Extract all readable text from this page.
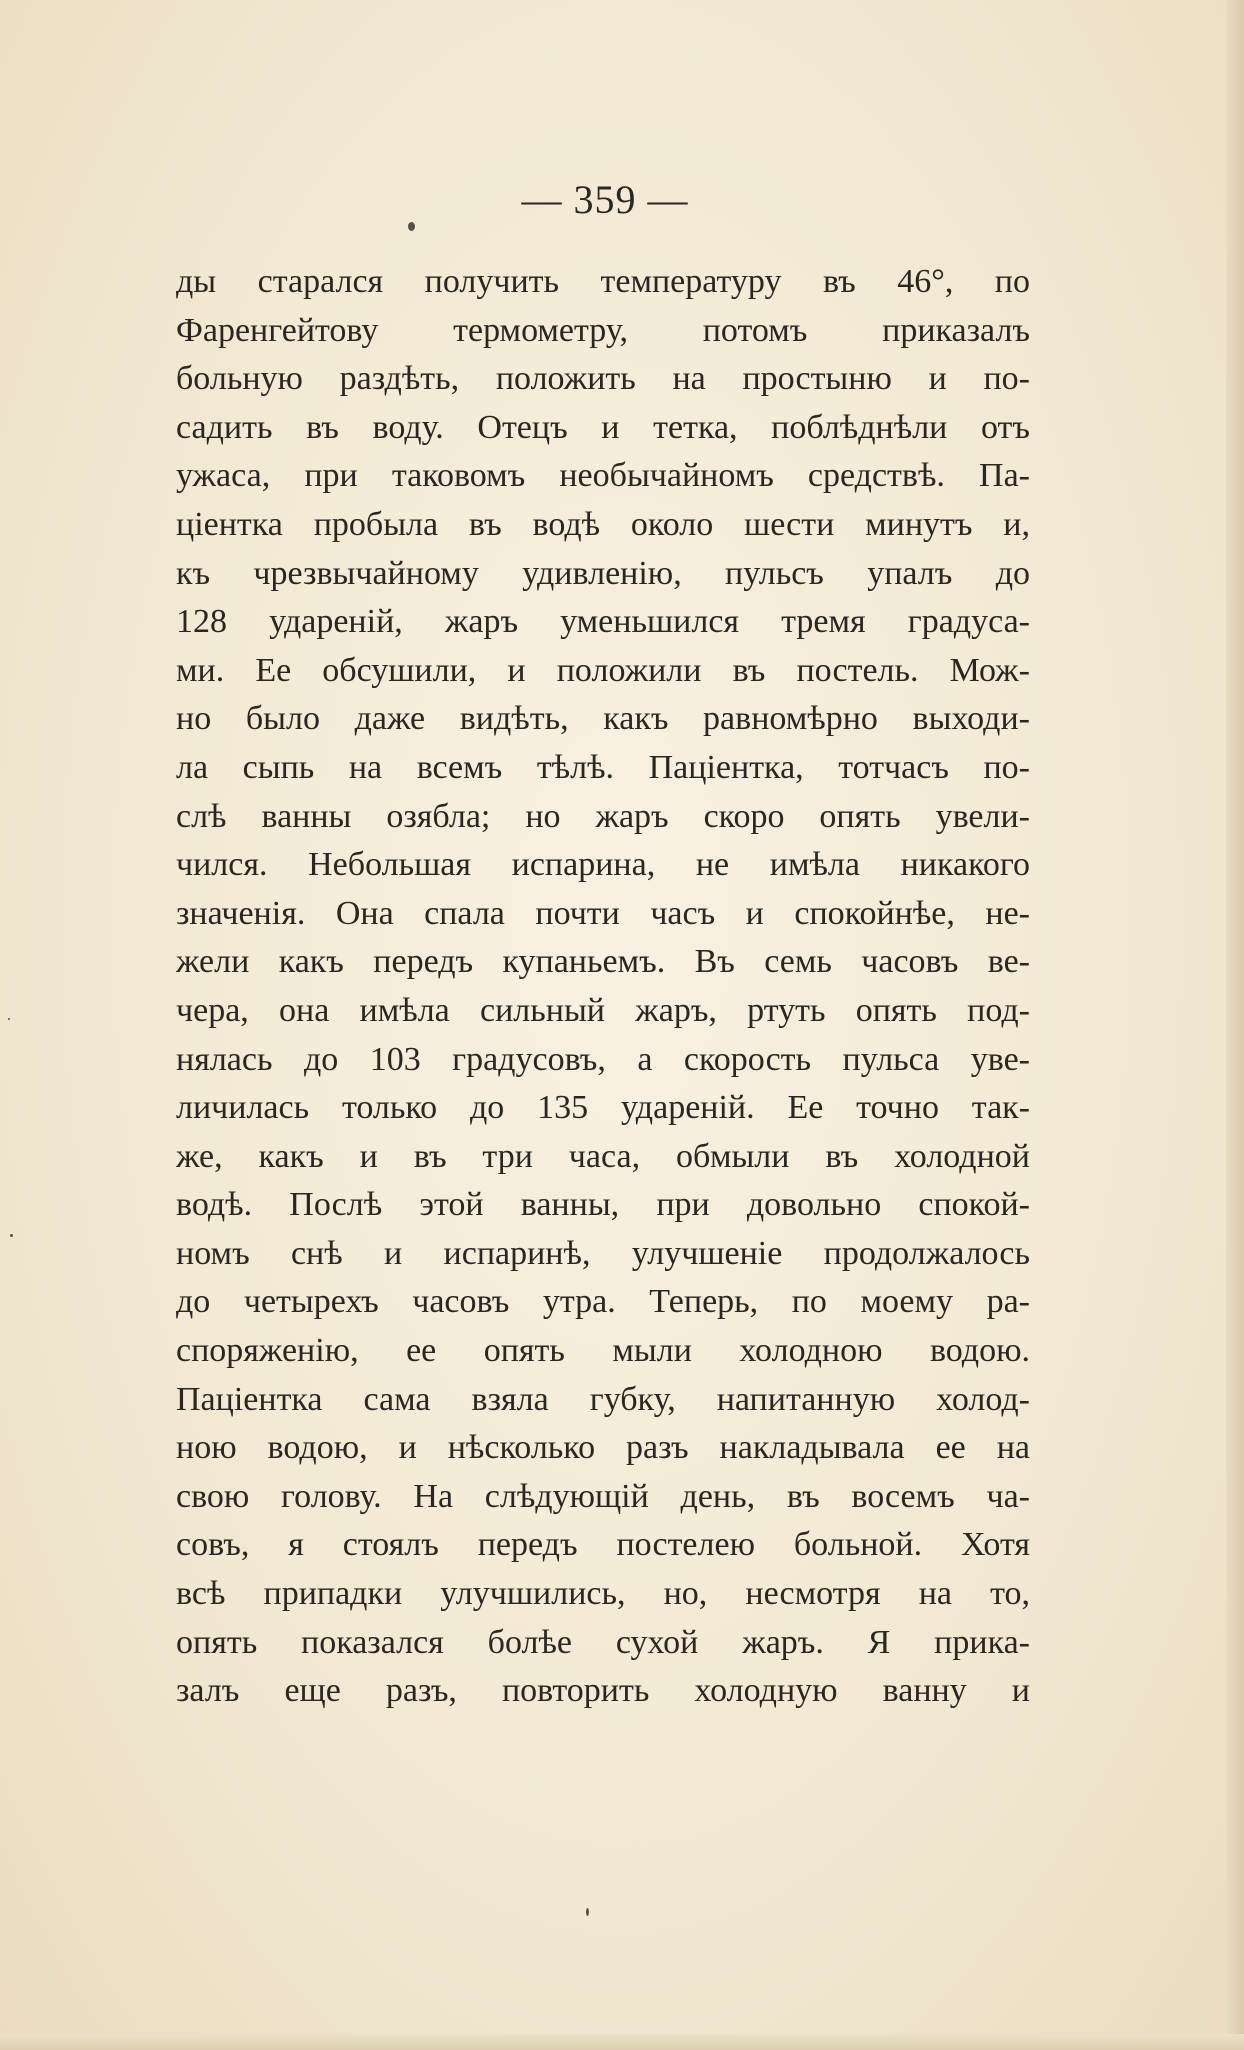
— 359 —
ды старался получить температуру въ 46°, по
Фаренгейтову термометру, потомъ приказалъ
больную раздѣть, положить на простыню и по-
садить въ воду. Отецъ и тетка, поблѣднѣли отъ
ужаса, при таковомъ необычайномъ средствѣ. Па-
цiентка пробыла въ водѣ около шести минутъ и,
къ чрезвычайному удивленiю, пульсъ упалъ до
128 ударенiй, жаръ уменьшился тремя градуса-
ми. Ее обсушили, и положили въ постель. Мож-
но было даже видѣть, какъ равномѣрно выходи-
ла сыпь на всемъ тѣлѣ. Пацiентка, тотчасъ по-
слѣ ванны озябла; но жаръ скоро опять увели-
чился. Небольшая испарина, не имѣла никакого
значенiя. Она спала почти часъ и спокойнѣе, не-
жели какъ передъ купаньемъ. Въ семь часовъ ве-
чера, она имѣла сильный жаръ, ртуть опять под-
нялась до 103 градусовъ, а скорость пульса уве-
личилась только до 135 ударенiй. Ее точно так-
же, какъ и въ три часа, обмыли въ холодной
водѣ. Послѣ этой ванны, при довольно спокой-
номъ снѣ и испаринѣ, улучшенiе продолжалось
до четырехъ часовъ утра. Теперь, по моему ра-
споряженiю, ее опять мыли холодною водою.
Пацiентка сама взяла губку, напитанную холод-
ною водою, и нѣсколько разъ накладывала ее на
свою голову. На слѣдующiй день, въ восемъ ча-
совъ, я стоялъ передъ постелею больной. Хотя
всѣ припадки улучшились, но, несмотря на то,
опять показался болѣе сухой жаръ. Я прика-
залъ еще разъ, повторить холодную ванну и
